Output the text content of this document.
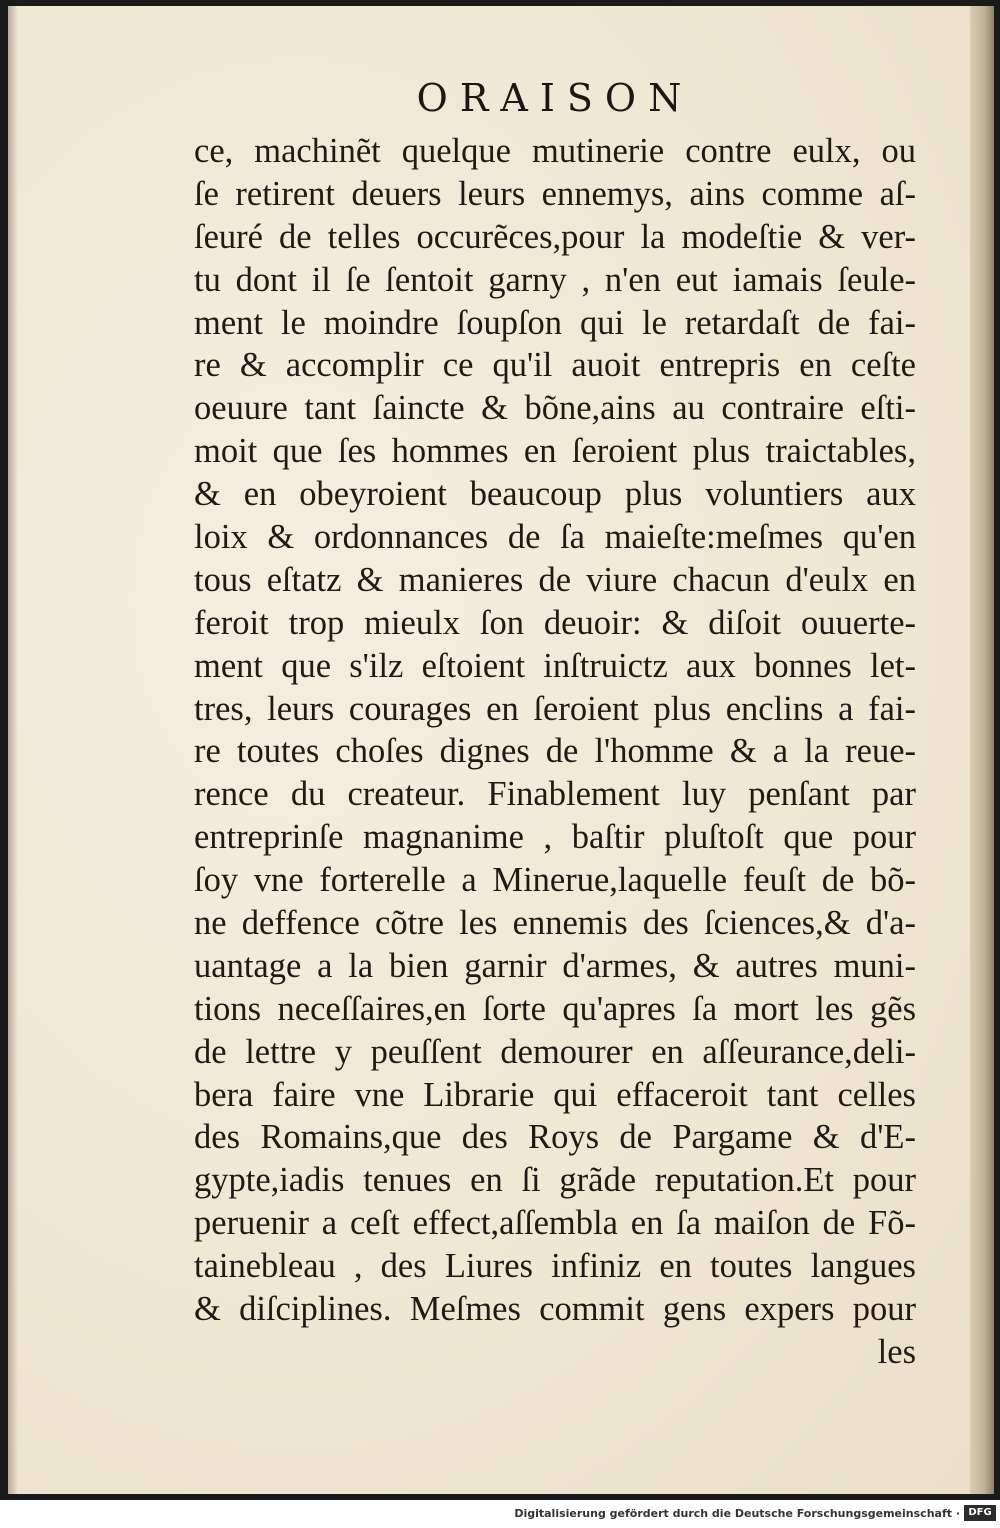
ORAISON
ce, machinẽt quelque mutinerie contre eulx, ou
ſe retirent deuers leurs ennemys, ains comme aſ-
ſeuré de telles occurẽces,pour la modeſtie & ver-
tu dont il ſe ſentoit garny , n'en eut iamais ſeule-
ment le moindre ſoupſon qui le retardaſt de fai-
re & accomplir ce qu'il auoit entrepris en ceſte
oeuure tant ſaincte & bõne,ains au contraire eſti-
moit que ſes hommes en ſeroient plus traictables,
& en obeyroient beaucoup plus voluntiers aux
loix & ordonnances de ſa maieſte:meſmes qu'en
tous eſtatz & manieres de viure chacun d'eulx en
feroit trop mieulx ſon deuoir: & diſoit ouuerte-
ment que s'ilz eſtoient inſtruictz aux bonnes let-
tres, leurs courages en ſeroient plus enclins a fai-
re toutes choſes dignes de l'homme & a la reue-
rence du createur. Finablement luy penſant par
entreprinſe magnanime , baſtir pluſtoſt que pour
ſoy vne forterelle a Minerue,laquelle feuſt de bõ-
ne deffence cõtre les ennemis des ſciences,& d'a-
uantage a la bien garnir d'armes, & autres muni-
tions neceſſaires,en ſorte qu'apres ſa mort les gẽs
de lettre y peuſſent demourer en aſſeurance,deli-
bera faire vne Librarie qui effaceroit tant celles
des Romains,que des Roys de Pargame & d'E-
gypte,iadis tenues en ſi grãde reputation.Et pour
peruenir a ceſt effect,aſſembla en ſa maiſon de Fõ-
tainebleau , des Liures infiniz en toutes langues
& diſciplines. Meſmes commit gens expers pour
les
Digitalisierung gefördert durch die Deutsche Forschungsgemeinschaft · DFG
